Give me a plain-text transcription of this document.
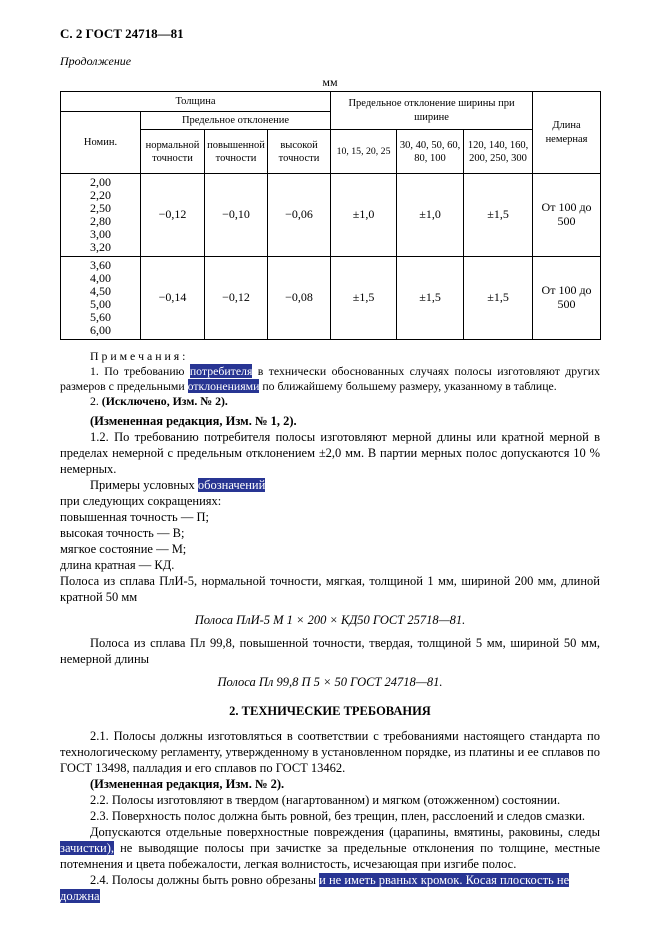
С. 2 ГОСТ 24718—81
Продолжение
мм
Толщина				Предельное отклонение ширины при ширине			Длина немерная
Номин.	Предельное отклонение						
	нормальной точности	повышенной точности	высокой точности	10, 15, 20, 25	30, 40, 50, 60, 80, 100	120, 140, 160, 200, 250, 300	

2,00
2,20
2,50
2,80
3,00
3,20
	−0,12	−0,10	−0,06	±1,0	±1,0	±1,5	От 100 до 500

3,60
4,00
4,50
5,00
5,60
6,00
	−0,14	−0,12	−0,08	±1,5	±1,5	±1,5	От 100 до 500

П р и м е ч а н и я :

1. По требованию потребителя в технически обоснованных случаях полосы изготовляют других размеров с предельными отклонениями по ближайшему большему размеру, указанному в таблице.

2. (Исключено, Изм. № 2).

(Измененная редакция, Изм. № 1, 2).

1.2. По требованию потребителя полосы изготовляют мерной длины или кратной мерной в пределах немерной с предельным отклонением ±2,0 мм. В партии мерных полос допускаются 10 % немерных.

Примеры условных обозначений

при следующих сокращениях:

повышенная точность — П;

высокая точность — В;

мягкое состояние — М;

длина кратная — КД.

Полоса из сплава ПлИ-5, нормальной точности, мягкая, толщиной 1 мм, шириной 200 мм, длиной кратной 50 мм

Полоса ПлИ-5 М 1 × 200 × КД50 ГОСТ 25718—81.

Полоса из сплава Пл 99,8, повышенной точности, твердая, толщиной 5 мм, шириной 50 мм, немерной длины

Полоса Пл 99,8 П 5 × 50 ГОСТ 24718—81.

2. ТЕХНИЧЕСКИЕ ТРЕБОВАНИЯ

2.1. Полосы должны изготовляться в соответствии с требованиями настоящего стандарта по технологическому регламенту, утвержденному в установленном порядке, из платины и ее сплавов по ГОСТ 13498, палладия и его сплавов по ГОСТ 13462.

(Измененная редакция, Изм. № 2).

2.2. Полосы изготовляют в твердом (нагартованном) и мягком (отожженном) состоянии.

2.3. Поверхность полос должна быть ровной, без трещин, плен, расслоений и следов смазки.

Допускаются отдельные поверхностные повреждения (царапины, вмятины, раковины, следы зачистки), не выводящие полосы при зачистке за предельные отклонения по толщине, местные потемнения и цвета побежалости, легкая волнистость, исчезающая при изгибе полос.

2.4. Полосы должны быть ровно обрезаны и не иметь рваных кромок. Косая плоскость не должна
